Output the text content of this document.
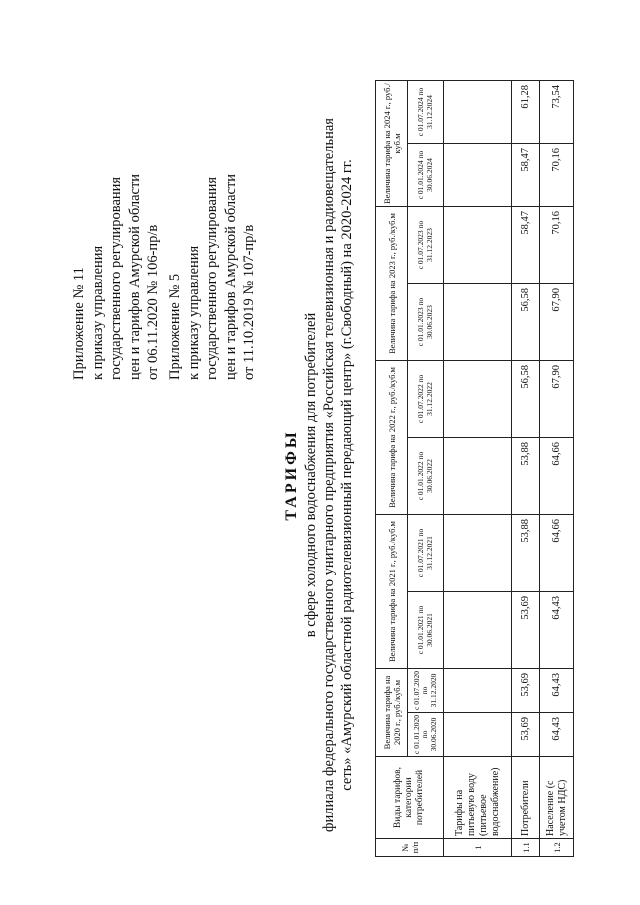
Приложение № 11 к приказу управления государственного регулирования цен и тарифов Амурской области от 06.11.2020 № 106-пр/в Приложение № 5 к приказу управления государственного регулирования цен и тарифов Амурской области от 11.10.2019 № 107-пр/в
ТАРИФЫ в сфере холодного водоснабжения для потребителей филиала федерального государственного унитарного предприятия «Российская телевизионная и радиовещательная сеть» «Амурский областной радиотелевизионный передающий центр» (г.Свободный) на 2020-2024 гг.
№ п/п	Виды тарифов, категории потребителей	Величина тарифа на 2020 г., руб./куб.м		Величина тарифа на 2021 г., руб./куб.м		Величина тарифа на 2022 г., руб./куб.м		Величина тарифа на 2023 г., руб./куб.м		Величина тарифа на 2024 г., руб./куб.м	
		с 01.01.2020 по 30.06.2020	с 01.07.2020 по 31.12.2020	с 01.01.2021 по 30.06.2021	с 01.07.2021 по 31.12.2021	с 01.01.2022 по 30.06.2022	с 01.07.2022 по 31.12.2022	с 01.01.2023 по 30.06.2023	с 01.07.2023 по 31.12.2023	с 01.01.2024 по 30.06.2024	с 01.07.2024 по 31.12.2024
1	Тарифы на питьевую воду (питьевое водоснабжение)										
1.1	Потребители	53,69	53,69	53,69	53,88	53,88	56,58	56,58	58,47	58,47	61,28
1.2	Население (с учетом НДС)	64,43	64,43	64,43	64,66	64,66	67,90	67,90	70,16	70,16	73,54
